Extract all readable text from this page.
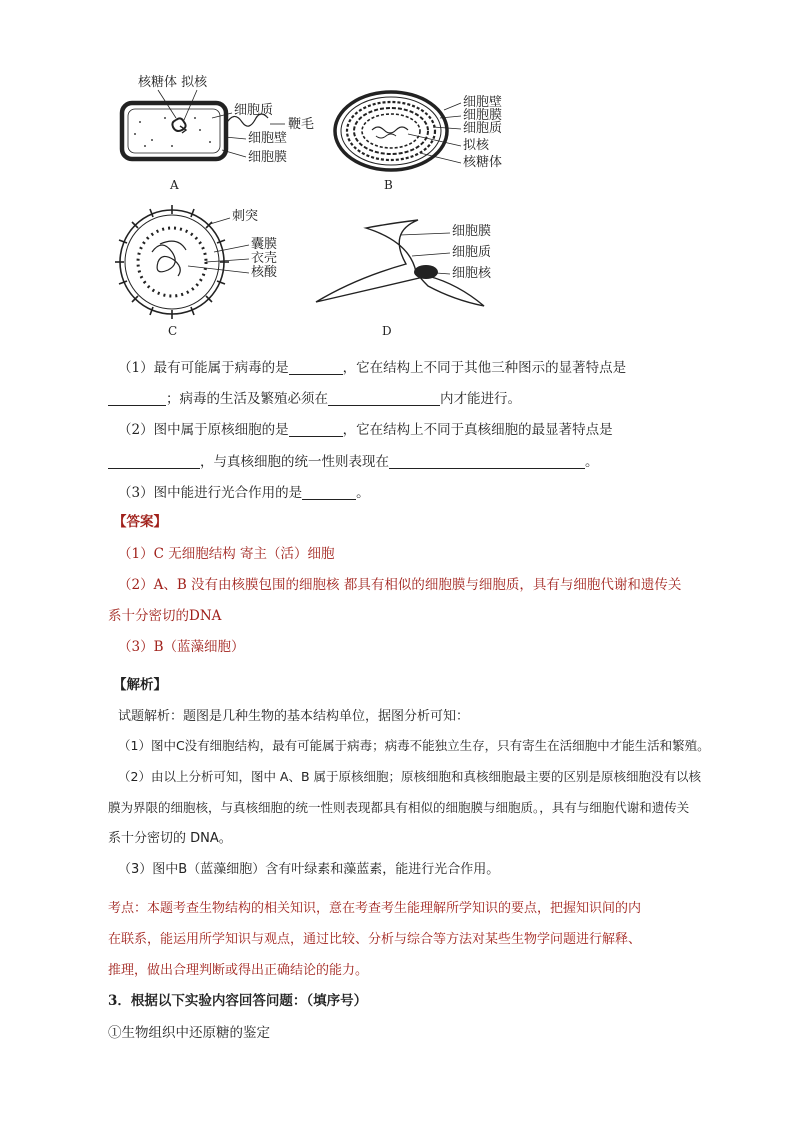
核糖体 拟核
细胞质
鞭毛
细胞壁
细胞膜
A
细胞壁
细胞膜
细胞质
拟核
核糖体
B
刺突
囊膜
衣壳
核酸
C
细胞膜
细胞质
细胞核
D
（1）最有可能属于病毒的是	，它在结构上不同于其他三种图示的显著特点是
；病毒的生活及繁殖必须在	内才能进行。
（2）图中属于原核细胞的是	，它在结构上不同于真核细胞的最显著特点是
，与真核细胞的统一性则表现在	。
（3）图中能进行光合作用的是	。
【答案】
（1）C 无细胞结构 寄主（活）细胞
（2）A、B 没有由核膜包围的细胞核 都具有相似的细胞膜与细胞质，具有与细胞代谢和遗传关
系十分密切的DNA
（3）B（蓝藻细胞）
【解析】
试题解析：题图是几种生物的基本结构单位，据图分析可知：
（1）图中C没有细胞结构，最有可能属于病毒；病毒不能独立生存，只有寄生在活细胞中才能生活和繁殖。
（2）由以上分析可知，图中 A、B 属于原核细胞；原核细胞和真核细胞最主要的区别是原核细胞没有以核
膜为界限的细胞核，与真核细胞的统一性则表现都具有相似的细胞膜与细胞质。，具有与细胞代谢和遗传关
系十分密切的 DNA。
（3）图中B（蓝藻细胞）含有叶绿素和藻蓝素，能进行光合作用。
考点：本题考查生物结构的相关知识，意在考查考生能理解所学知识的要点，把握知识间的内
在联系，能运用所学知识与观点，通过比较、分析与综合等方法对某些生物学问题进行解释、
推理，做出合理判断或得出正确结论的能力。
3．根据以下实验内容回答问题：（填序号）
①生物组织中还原糖的鉴定
